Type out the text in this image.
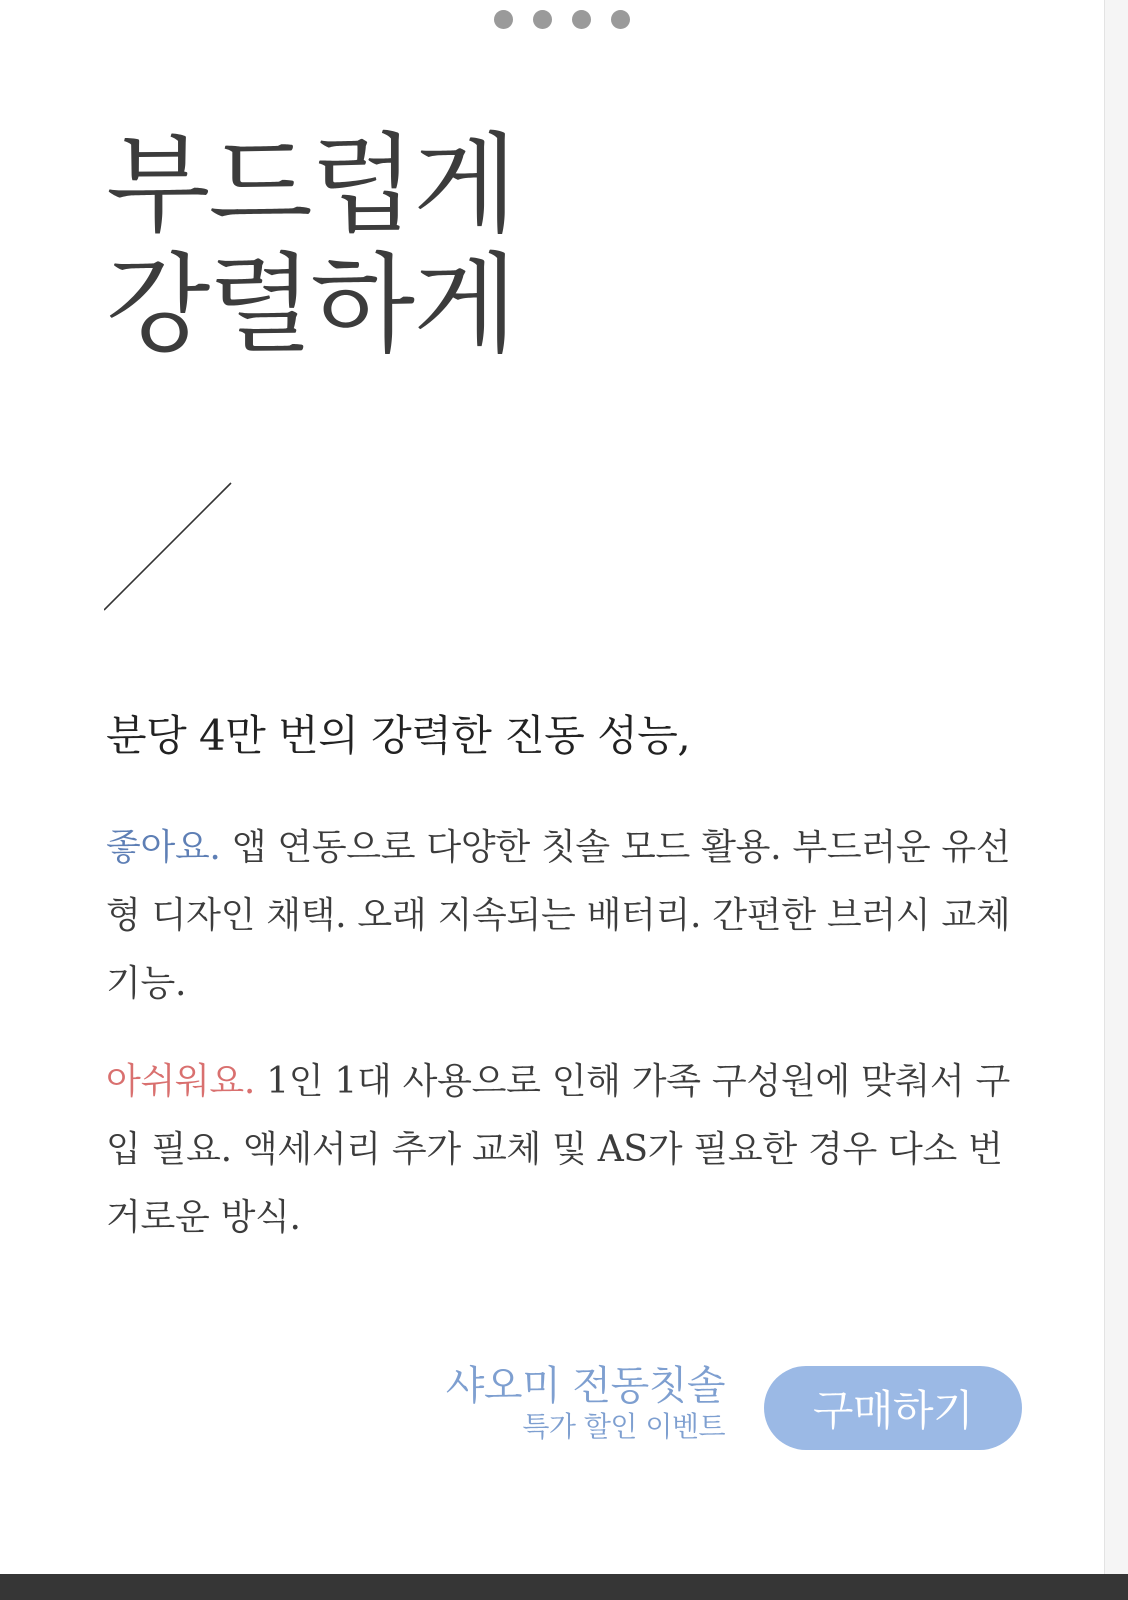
부드럽게
강렬하게
분당 4만 번의 강력한 진동 성능,

좋아요. 앱 연동으로 다양한 칫솔 모드 활용. 부드러운 유선형 디자인 채택. 오래 지속되는 배터리. 간편한 브러시 교체 기능.

아쉬워요. 1인 1대 사용으로 인해 가족 구성원에 맞춰서 구입 필요. 액세서리 추가 교체 및 AS가 필요한 경우 다소 번거로운 방식.

샤오미 전동칫솔
특가 할인 이벤트	구매하기
